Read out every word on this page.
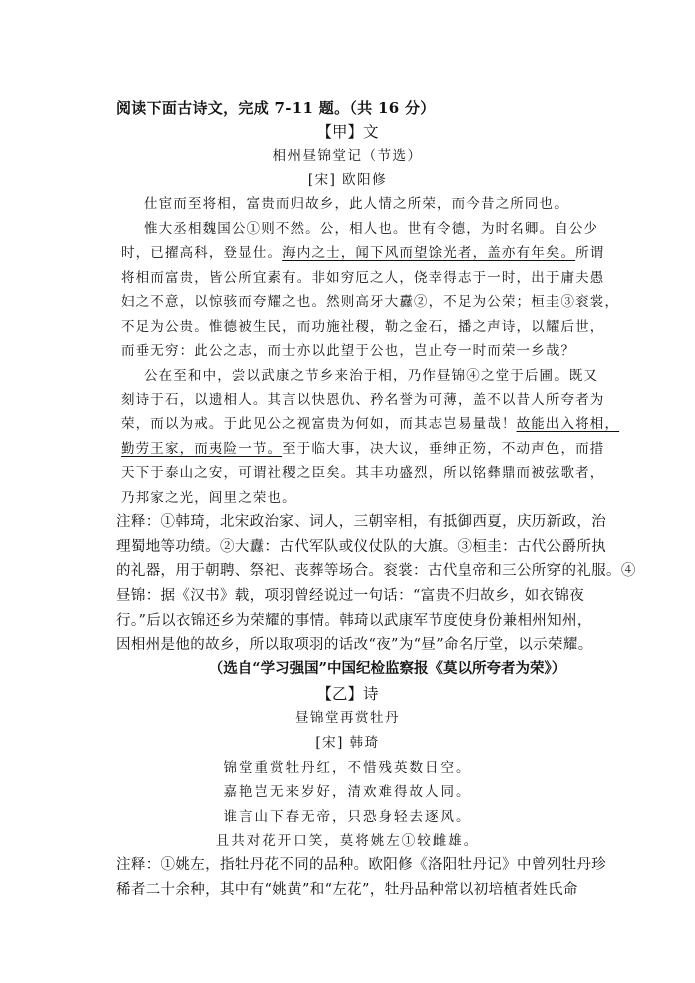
阅读下面古诗文，完成 7-11 题。（共 16 分）
【甲】文
相州昼锦堂记（节选）
[宋] 欧阳修
仕宦而至将相，富贵而归故乡，此人情之所荣，而今昔之所同也。
惟大丞相魏国公①则不然。公，相人也。世有令德，为时名卿。自公少
时，已擢高科，登显仕。海内之士，闻下风而望馀光者，盖亦有年矣。所谓
将相而富贵，皆公所宜素有。非如穷厄之人，侥幸得志于一时，出于庸夫愚
妇之不意，以惊骇而夸耀之也。然则高牙大纛②，不足为公荣；桓圭③衮裳，
不足为公贵。惟德被生民，而功施社稷，勒之金石，播之声诗，以耀后世，
而垂无穷：此公之志，而士亦以此望于公也，岂止夸一时而荣一乡哉？
公在至和中，尝以武康之节乡来治于相，乃作昼锦④之堂于后圃。既又
刻诗于石，以遗相人。其言以快恩仇、矜名誉为可薄，盖不以昔人所夸者为
荣，而以为戒。于此见公之视富贵为何如，而其志岂易量哉！故能出入将相，
勤劳王家，而夷险一节。至于临大事，决大议，垂绅正笏，不动声色，而措
天下于泰山之安，可谓社稷之臣矣。其丰功盛烈，所以铭彝鼎而被弦歌者，
乃邦家之光，闾里之荣也。
注释：①韩琦，北宋政治家、词人，三朝宰相，有抵御西夏，庆历新政，治
理蜀地等功绩。②大纛：古代军队或仪仗队的大旗。③桓圭：古代公爵所执
的礼器，用于朝聘、祭祀、丧葬等场合。衮裳：古代皇帝和三公所穿的礼服。④
昼锦：据《汉书》载，项羽曾经说过一句话：“富贵不归故乡，如衣锦夜
行。”后以衣锦还乡为荣耀的事情。韩琦以武康军节度使身份兼相州知州，
因相州是他的故乡，所以取项羽的话改“夜”为“昼”命名厅堂，以示荣耀。
（选自“学习强国”中国纪检监察报《莫以所夸者为荣》）
【乙】诗
昼锦堂再赏牡丹
[宋] 韩琦
锦堂重赏牡丹红，不惜残英数日空。
嘉艳岂无来岁好，清欢难得故人同。
谁言山下春无帝，只恐身轻去逐风。
且共对花开口笑，莫将姚左①较雌雄。
注释：①姚左，指牡丹花不同的品种。欧阳修《洛阳牡丹记》中曾列牡丹珍
稀者二十余种，其中有“姚黄”和“左花”，牡丹品种常以初培植者姓氏命
